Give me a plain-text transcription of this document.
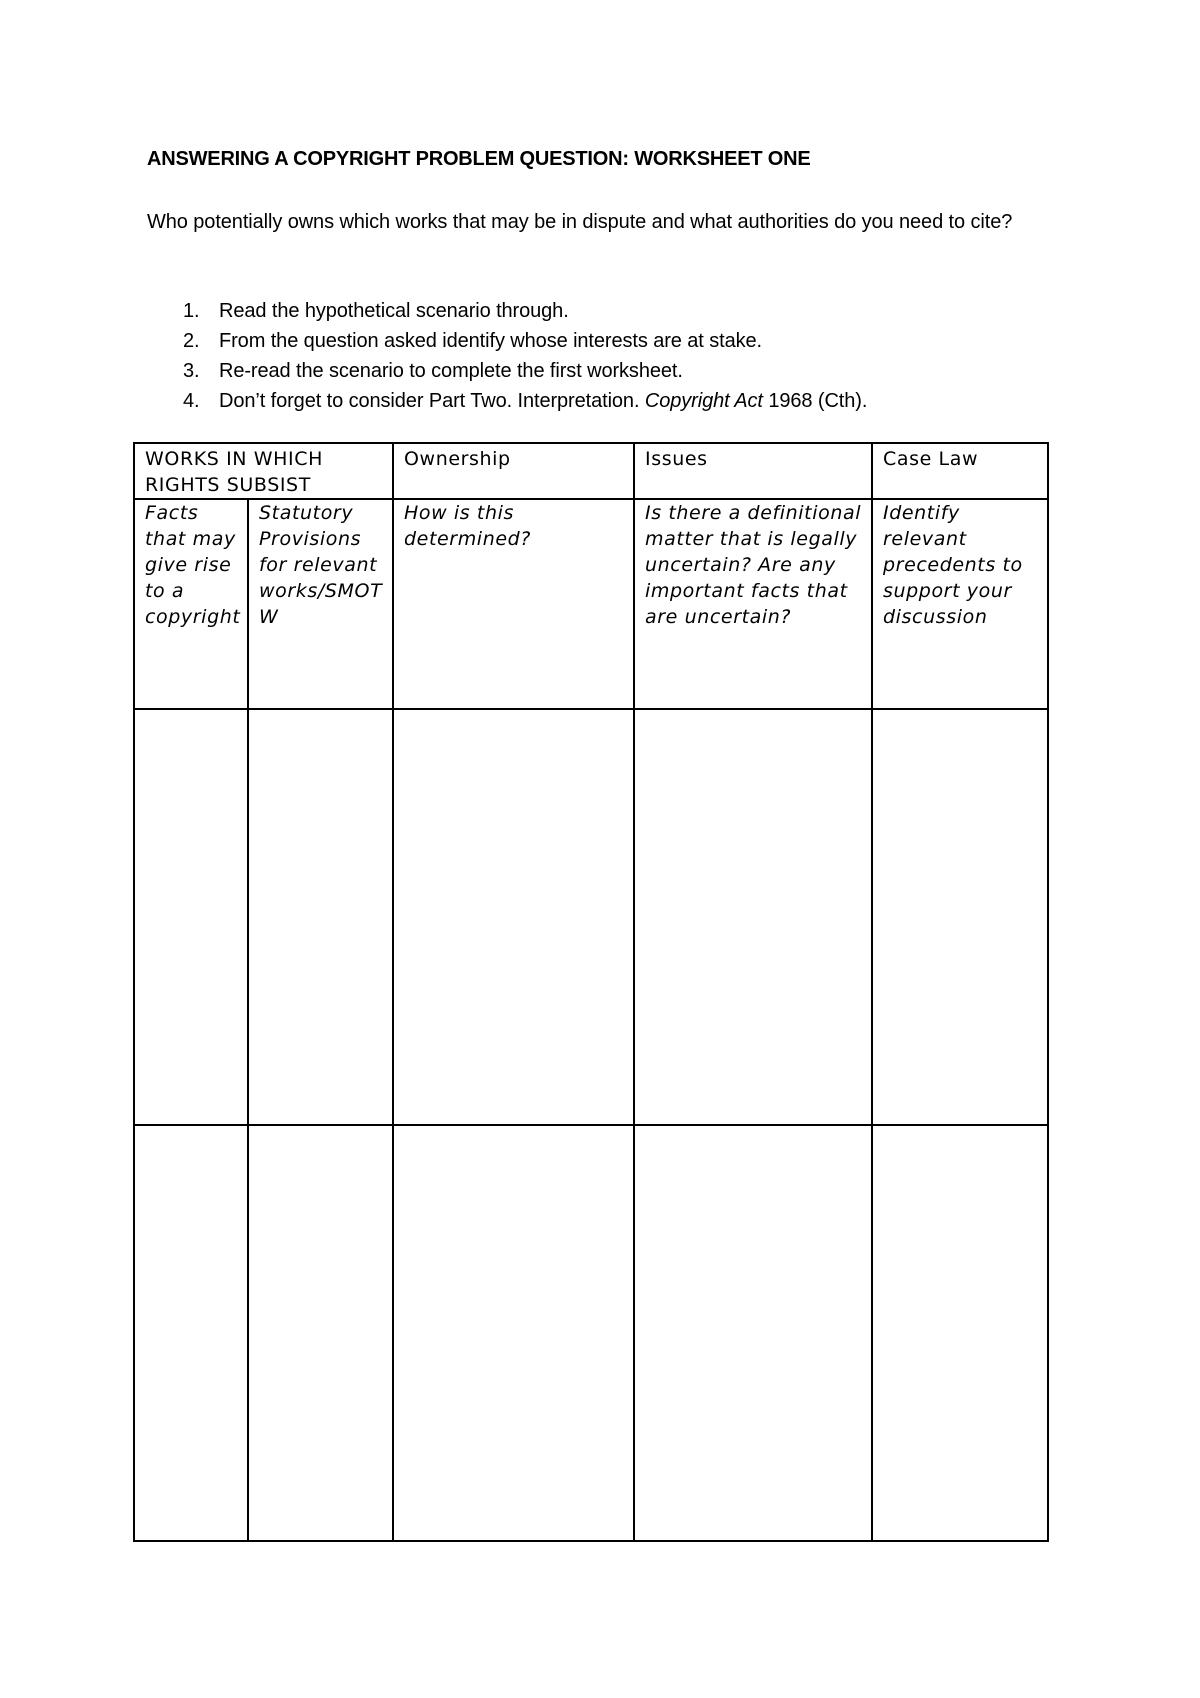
ANSWERING A COPYRIGHT PROBLEM QUESTION: WORKSHEET ONE
Who potentially owns which works that may be in dispute and what authorities do you need to cite?
1. Read the hypothetical scenario through.
2. From the question asked identify whose interests are at stake.
3. Re-read the scenario to complete the first worksheet.
4. Don’t forget to consider Part Two. Interpretation. Copyright Act 1968 (Cth).
WORKS IN WHICH RIGHTS SUBSIST		Ownership	Issues	Case Law
Facts that may give rise to a copyright	Statutory Provisions for relevant works/SMOTW	How is this determined?	Is there a definitional matter that is legally uncertain? Are any important facts that are uncertain?	Identify relevant precedents to support your discussion
